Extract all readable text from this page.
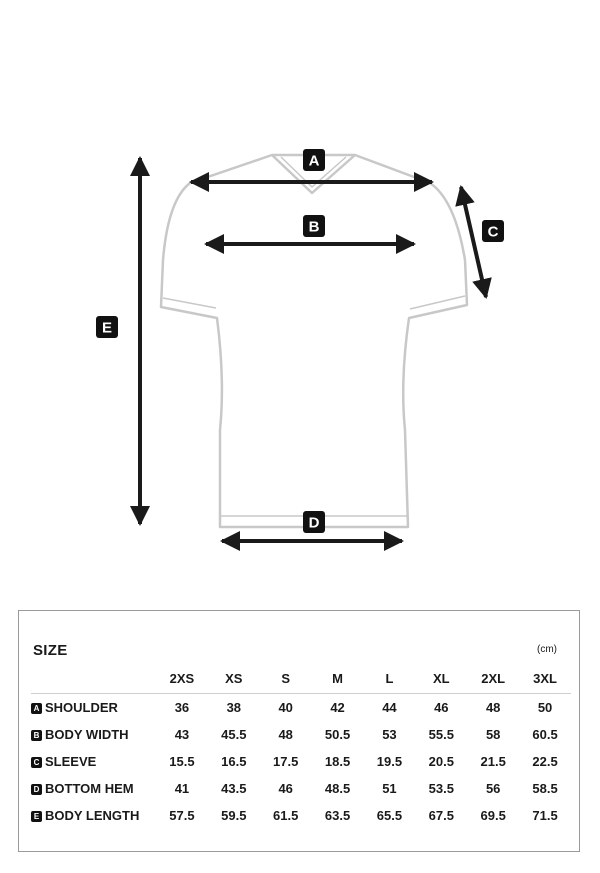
A
B	C
D
E
SIZE	(cm)
	2XS	XS	S	M	L	XL	2XL	3XL
A SHOULDER	36	38	40	42	44	46	48	50
B BODY WIDTH	43	45.5	48	50.5	53	55.5	58	60.5
C SLEEVE	15.5	16.5	17.5	18.5	19.5	20.5	21.5	22.5
D BOTTOM HEM	41	43.5	46	48.5	51	53.5	56	58.5
E BODY LENGTH	57.5	59.5	61.5	63.5	65.5	67.5	69.5	71.5
